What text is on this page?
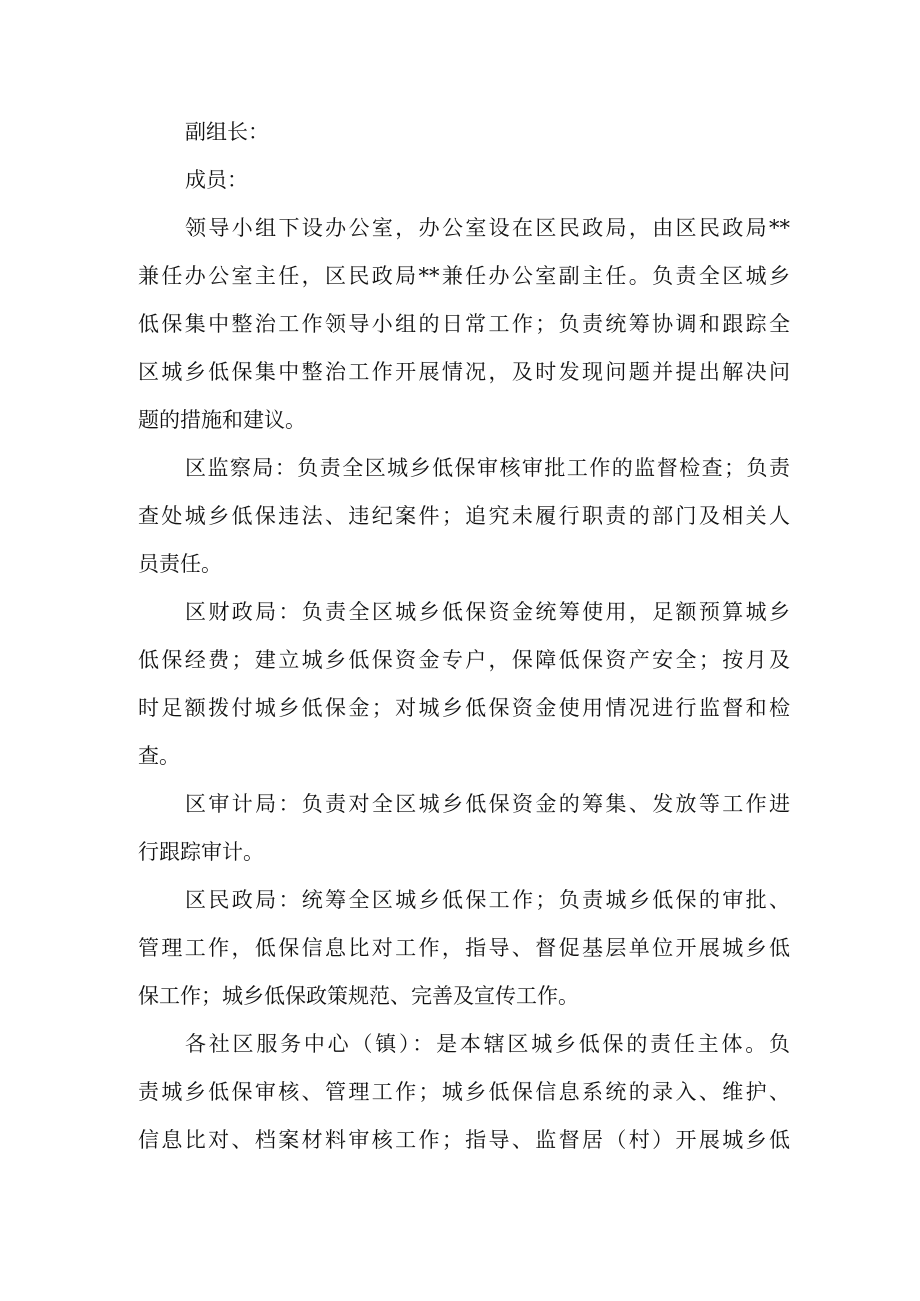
副组长：
成员：
领导小组下设办公室，办公室设在区民政局，由区民政局**
兼任办公室主任，区民政局**兼任办公室副主任。负责全区城乡
低保集中整治工作领导小组的日常工作；负责统筹协调和跟踪全
区城乡低保集中整治工作开展情况，及时发现问题并提出解决问
题的措施和建议。
区监察局：负责全区城乡低保审核审批工作的监督检查；负责
查处城乡低保违法、违纪案件；追究未履行职责的部门及相关人
员责任。
区财政局：负责全区城乡低保资金统筹使用，足额预算城乡
低保经费；建立城乡低保资金专户，保障低保资产安全；按月及
时足额拨付城乡低保金；对城乡低保资金使用情况进行监督和检
查。
区审计局：负责对全区城乡低保资金的筹集、发放等工作进
行跟踪审计。
区民政局：统筹全区城乡低保工作；负责城乡低保的审批、
管理工作，低保信息比对工作，指导、督促基层单位开展城乡低
保工作；城乡低保政策规范、完善及宣传工作。
各社区服务中心（镇）：是本辖区城乡低保的责任主体。负
责城乡低保审核、管理工作；城乡低保信息系统的录入、维护、
信息比对、档案材料审核工作；指导、监督居（村）开展城乡低
